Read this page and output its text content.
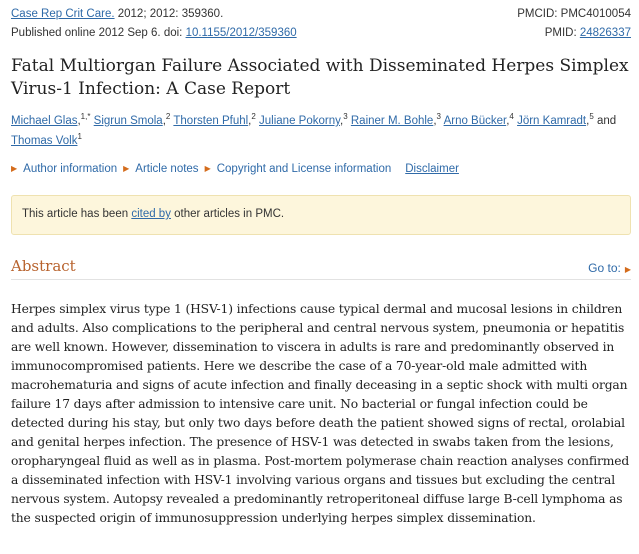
Case Rep Crit Care. 2012; 2012: 359360.	PMCID: PMC4010054
Published online 2012 Sep 6. doi: 10.1155/2012/359360	PMID: 24826337
Fatal Multiorgan Failure Associated with Disseminated Herpes Simplex Virus-1 Infection: A Case Report
Michael Glas,$^{1,*}$ Sigrun Smola,$^2$ Thorsten Pfuhl,$^2$ Juliane Pokorny,$^3$ Rainer M. Bohle,$^3$ Arno Bücker,$^4$ Jörn Kamradt,$^5$ and Thomas Volk$^1$
▶ Author information ▶ Article notes ▶ Copyright and License information Disclaimer
This article has been cited by other articles in PMC.
Abstract	Go to: ▶

Herpes simplex virus type 1 (HSV-1) infections cause typical dermal and mucosal lesions in children and adults. Also complications to the peripheral and central nervous system, pneumonia or hepatitis are well known. However, dissemination to viscera in adults is rare and predominantly observed in immunocompromised patients. Here we describe the case of a 70-year-old male admitted with macrohematuria and signs of acute infection and finally deceasing in a septic shock with multi organ failure 17 days after admission to intensive care unit. No bacterial or fungal infection could be detected during his stay, but only two days before death the patient showed signs of rectal, orolabial and genital herpes infection. The presence of HSV-1 was detected in swabs taken from the lesions, oropharyngeal fluid as well as in plasma. Post-mortem polymerase chain reaction analyses confirmed a disseminated infection with HSV-1 involving various organs and tissues but excluding the central nervous system. Autopsy revealed a predominantly retroperitoneal diffuse large B-cell lymphoma as the suspected origin of immunosuppression underlying herpes simplex dissemination.
